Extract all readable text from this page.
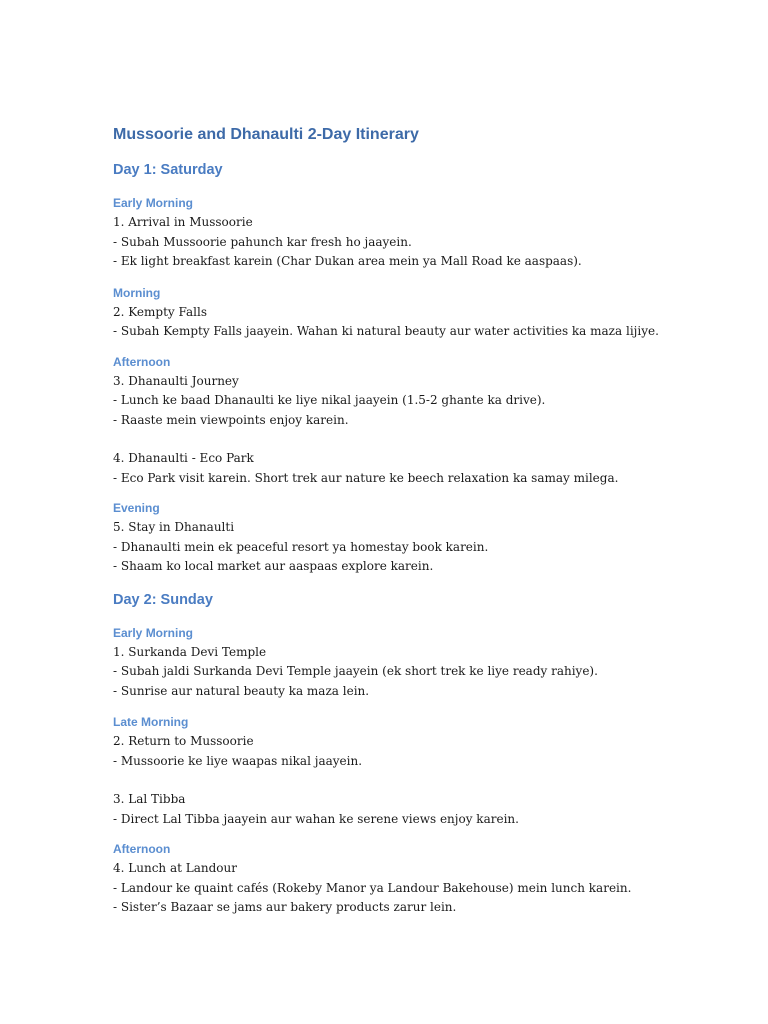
Mussoorie and Dhanaulti 2-Day Itinerary
Day 1: Saturday
Early Morning

1. Arrival in Mussoorie

- Subah Mussoorie pahunch kar fresh ho jaayein.

- Ek light breakfast karein (Char Dukan area mein ya Mall Road ke aaspaas).

Morning

2. Kempty Falls

- Subah Kempty Falls jaayein. Wahan ki natural beauty aur water activities ka maza lijiye.

Afternoon

3. Dhanaulti Journey

- Lunch ke baad Dhanaulti ke liye nikal jaayein (1.5-2 ghante ka drive).

- Raaste mein viewpoints enjoy karein.

4. Dhanaulti - Eco Park

- Eco Park visit karein. Short trek aur nature ke beech relaxation ka samay milega.

Evening

5. Stay in Dhanaulti

- Dhanaulti mein ek peaceful resort ya homestay book karein.

- Shaam ko local market aur aaspaas explore karein.

Day 2: Sunday
Early Morning

1. Surkanda Devi Temple

- Subah jaldi Surkanda Devi Temple jaayein (ek short trek ke liye ready rahiye).

- Sunrise aur natural beauty ka maza lein.

Late Morning

2. Return to Mussoorie

- Mussoorie ke liye waapas nikal jaayein.

3. Lal Tibba

- Direct Lal Tibba jaayein aur wahan ke serene views enjoy karein.

Afternoon

4. Lunch at Landour

- Landour ke quaint cafés (Rokeby Manor ya Landour Bakehouse) mein lunch karein.

- Sister’s Bazaar se jams aur bakery products zarur lein.
